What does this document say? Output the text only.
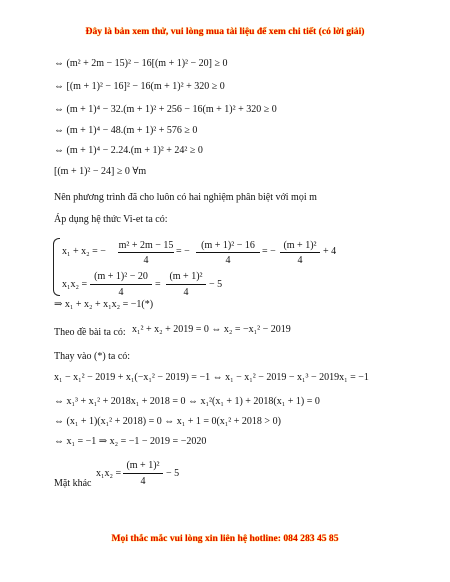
Đây là bản xem thử, vui lòng mua tài liệu để xem chi tiết (có lời giải)
⇔ (m² + 2m − 15)² − 16[(m + 1)² − 20] ≥ 0
⇔ [(m + 1)² − 16]² − 16(m + 1)² + 320 ≥ 0
⇔ (m + 1)⁴ − 32.(m + 1)² + 256 − 16(m + 1)² + 320 ≥ 0
⇔ (m + 1)⁴ − 48.(m + 1)² + 576 ≥ 0
⇔ (m + 1)⁴ − 2.24.(m + 1)² + 24² ≥ 0
[(m + 1)² − 24] ≥ 0 ∀m
Nên phương trình đã cho luôn có hai nghiệm phân biệt với mọi m
Áp dụng hệ thức Vi-et ta có:
x₁ + x₂ = −
m² + 2m − 15
4
= −
(m + 1)² − 16
4
= −
(m + 1)²
4
+ 4
x₁x₂ =
(m + 1)² − 20
4
=
(m + 1)²
4
− 5
⇒ x₁ + x₂ + x₁x₂ = −1(*)
Theo đề bài ta có: x₁² + x₂ + 2019 = 0 ⇔ x₂ = −x₁² − 2019
Thay vào (*) ta có:
x₁ − x₁² − 2019 + x₁(−x₁² − 2019) = −1 ⇔ x₁ − x₁² − 2019 − x₁³ − 2019x₁ = −1
⇔ x₁³ + x₁² + 2018x₁ + 2018 = 0 ⇔ x₁²(x₁ + 1) + 2018(x₁ + 1) = 0
⇔ (x₁ + 1)(x₁² + 2018) = 0 ⇔ x₁ + 1 = 0(x₁² + 2018 > 0)
⇔ x₁ = −1 ⇒ x₂ = −1 − 2019 = −2020
Mặt khác
x₁x₂ =
(m + 1)²
4
− 5
Mọi thắc mắc vui lòng xin liên hệ hotline: 084 283 45 85
